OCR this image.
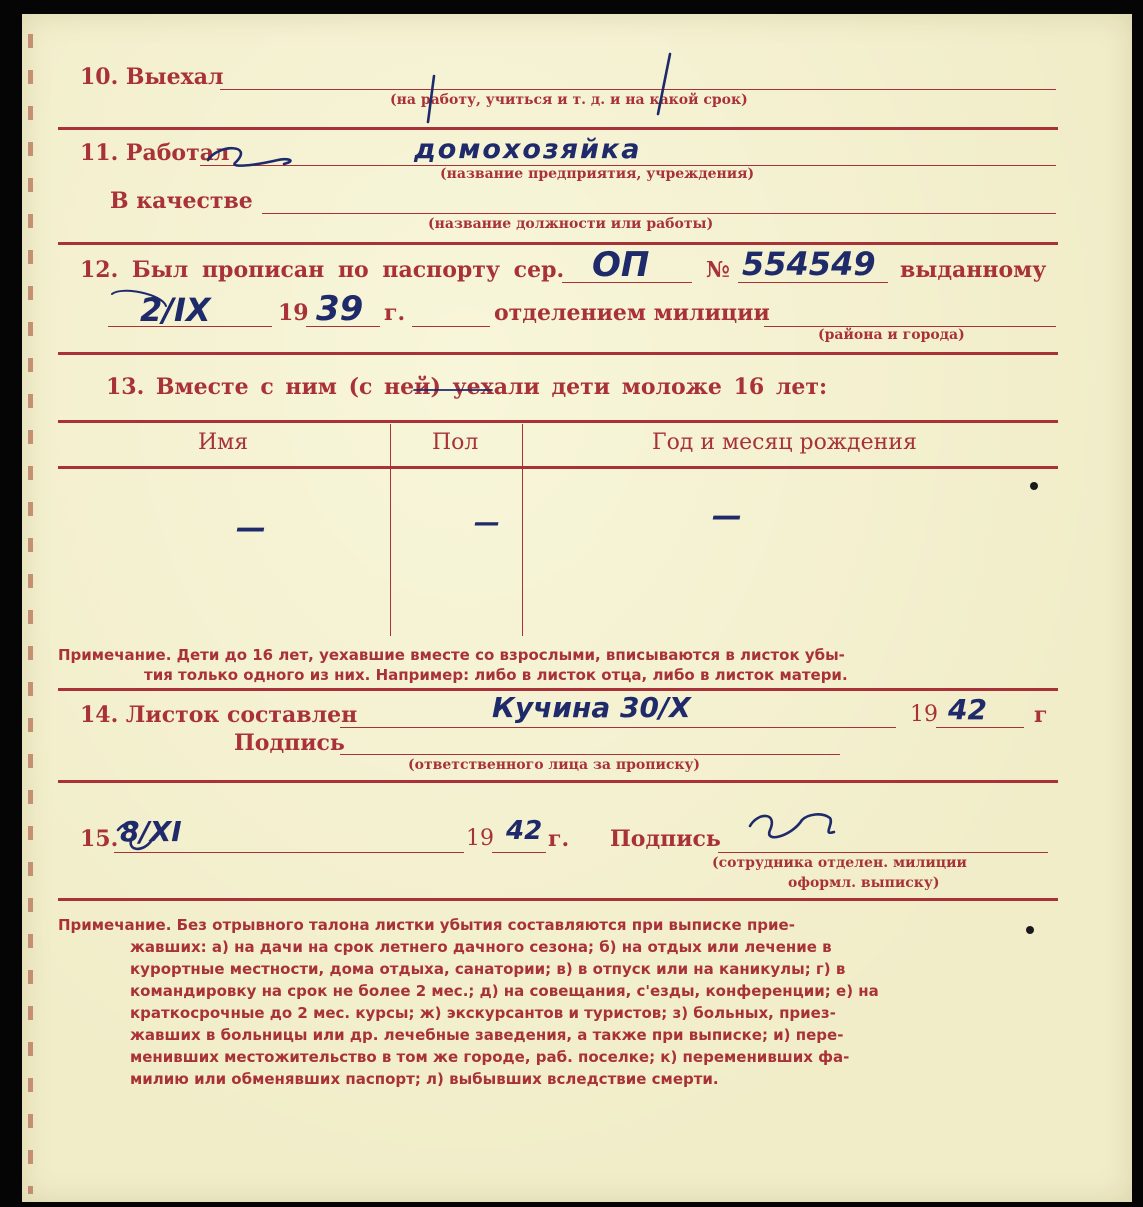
10. Выехал
(на работу, учиться и т. д. и на какой срок)
11. Работал	домохозяйка
(название предприятия, учреждения)
В качестве
(название должности или работы)
12. Был прописан по паспорту сер. ОП	№ 554549 выданному
2/IX	19 39 г.	отделением милиции
(района и города)
13. Вместе с ним (с ней) уехали дети моложе 16 лет:
Имя	Пол	Год и месяц рождения
—	—	—
Примечание. Дети до 16 лет, уехавшие вместе со взрослыми, вписываются в листок убы-
тия только одного из них. Например: либо в листок отца, либо в листок матери.
14. Листок составлен	Кучина 30/X	19 42 г
Подпись
(ответственного лица за прописку)
15. 8/XI	19 42 г. Подпись
(сотрудника отделен. милиции
оформл. выписку)
Примечание. Без отрывного талона листки убытия составляются при выписке прие-
жавших: а) на дачи на срок летнего дачного сезона; б) на отдых или лечение в
курортные местности, дома отдыха, санатории; в) в отпуск или на каникулы; г) в
командировку на срок не более 2 мес.; д) на совещания, с'езды, конференции; е) на
краткосрочные до 2 мес. курсы; ж) экскурсантов и туристов; з) больных, приез-
жавших в больницы или др. лечебные заведения, а также при выписке; и) пере-
менивших местожительство в том же городе, раб. поселке; к) переменивших фа-
милию или обменявших паспорт; л) выбывших вследствие смерти.
